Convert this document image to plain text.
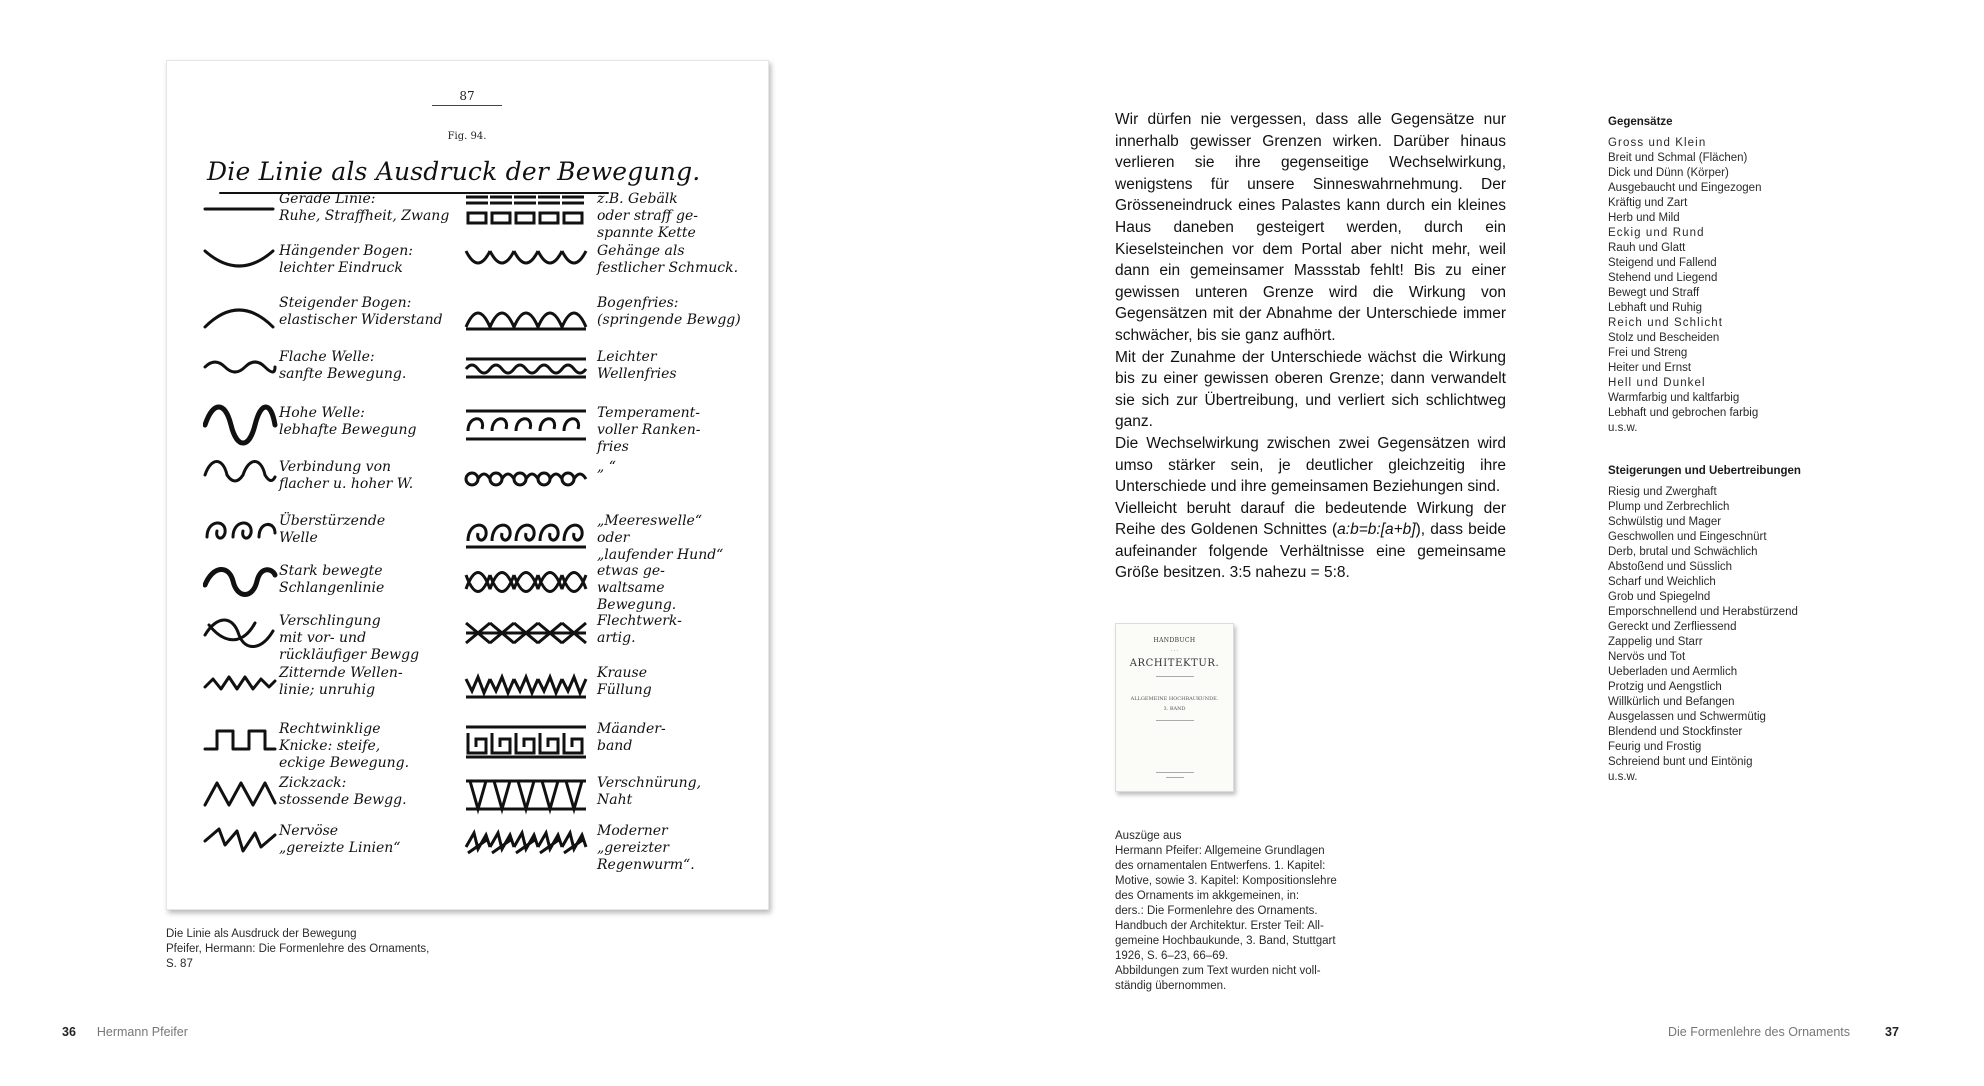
87
Fig. 94.
Die Linie als Ausdruck der Bewegung.
Gerade Linie:
Ruhe, Straffheit, Zwang
z.B. Gebälk
oder straff ge-
spannte Kette
Hängender Bogen:
leichter Eindruck
Gehänge als
festlicher Schmuck.
Steigender Bogen:
elastischer Widerstand
Bogenfries:
(springende Bewgg)
Flache Welle:
sanfte Bewegung.
Leichter
Wellenfries
Hohe Welle:
lebhafte Bewegung
Temperament-
voller Ranken-
fries
Verbindung von
flacher u. hoher W.
„ “
Überstürzende
Welle
„Meereswelle“
oder
„laufender Hund“
Stark bewegte
Schlangenlinie
etwas ge-
waltsame
Bewegung.
Verschlingung
mit vor- und
rückläufiger Bewgg
Flechtwerk-
artig.
Zitternde Wellen-
linie; unruhig
Krause
Füllung
Rechtwinklige
Knicke: steife,
eckige Bewegung.
Mäander-
band
Zickzack:
stossende Bewgg.
Verschnürung,
Naht
Nervöse
„gereizte Linien“
Moderner
„gereizter
Regenwurm“.
Die Linie als Ausdruck der Bewegung
Pfeifer, Hermann: Die Formenlehre des Ornaments,
S. 87
36 Hermann Pfeifer

Wir dürfen nie vergessen, dass alle Gegensätze nur innerhalb gewisser Grenzen wirken. Darüber hinaus verlieren sie ihre gegenseitige Wechselwirkung, wenigstens für unsere Sinneswahrnehmung. Der Grösseneindruck eines Palastes kann durch ein kleines Haus daneben gesteigert werden, durch ein Kieselsteinchen vor dem Portal aber nicht mehr, weil dann ein gemeinsamer Massstab fehlt! Bis zu einer gewissen unteren Grenze wird die Wirkung von Gegensätzen mit der Abnahme der Unterschiede immer schwächer, bis sie ganz aufhört.

Mit der Zunahme der Unterschiede wächst die Wirkung bis zu einer gewissen oberen Grenze; dann verwandelt sie sich zur Übertreibung, und verliert sich schlichtweg ganz.

Die Wechselwirkung zwischen zwei Gegensätzen wird umso stärker sein, je deutlicher gleichzeitig ihre Unterschiede und ihre gemeinsamen Beziehungen sind.

Vielleicht beruht darauf die bedeutende Wirkung der Reihe des Goldenen Schnittes (a:b=b:[a+b]), dass beide aufeinander folgende Verhältnisse eine gemeinsame Größe besitzen. 3:5 nahezu = 5:8.

HANDBUCH
· · ·
ARCHITEKTUR.
ALLGEMEINE HOCHBAUKUNDE.
3. BAND
Auszüge aus
Hermann Pfeifer: Allgemeine Grundlagen
des ornamentalen Entwerfens. 1. Kapitel:
Motive, sowie 3. Kapitel: Kompositionslehre
des Ornaments im akkgemeinen, in:
ders.: Die Formenlehre des Ornaments.
Handbuch der Architektur. Erster Teil: All-
gemeine Hochbaukunde, 3. Band, Stuttgart
1926, S. 6–23, 66–69.
Abbildungen zum Text wurden nicht voll-
ständig übernommen.
Gegensätze
Gross und Klein
Breit und Schmal (Flächen)
Dick und Dünn (Körper)
Ausgebaucht und Eingezogen
Kräftig und Zart
Herb und Mild
Eckig und Rund
Rauh und Glatt
Steigend und Fallend
Stehend und Liegend
Bewegt und Straff
Lebhaft und Ruhig
Reich und Schlicht
Stolz und Bescheiden
Frei und Streng
Heiter und Ernst
Hell und Dunkel
Warmfarbig und kaltfarbig
Lebhaft und gebrochen farbig
u.s.w.
Steigerungen und Uebertreibungen
Riesig und Zwerghaft
Plump und Zerbrechlich
Schwülstig und Mager
Geschwollen und Eingeschnürt
Derb, brutal und Schwächlich
Abstoßend und Süsslich
Scharf und Weichlich
Grob und Spiegelnd
Emporschnellend und Herabstürzend
Gereckt und Zerfliessend
Zappelig und Starr
Nervös und Tot
Ueberladen und Aermlich
Protzig und Aengstlich
Willkürlich und Befangen
Ausgelassen und Schwermütig
Blendend und Stockfinster
Feurig und Frostig
Schreiend bunt und Eintönig
u.s.w.
Die Formenlehre des Ornaments	37
